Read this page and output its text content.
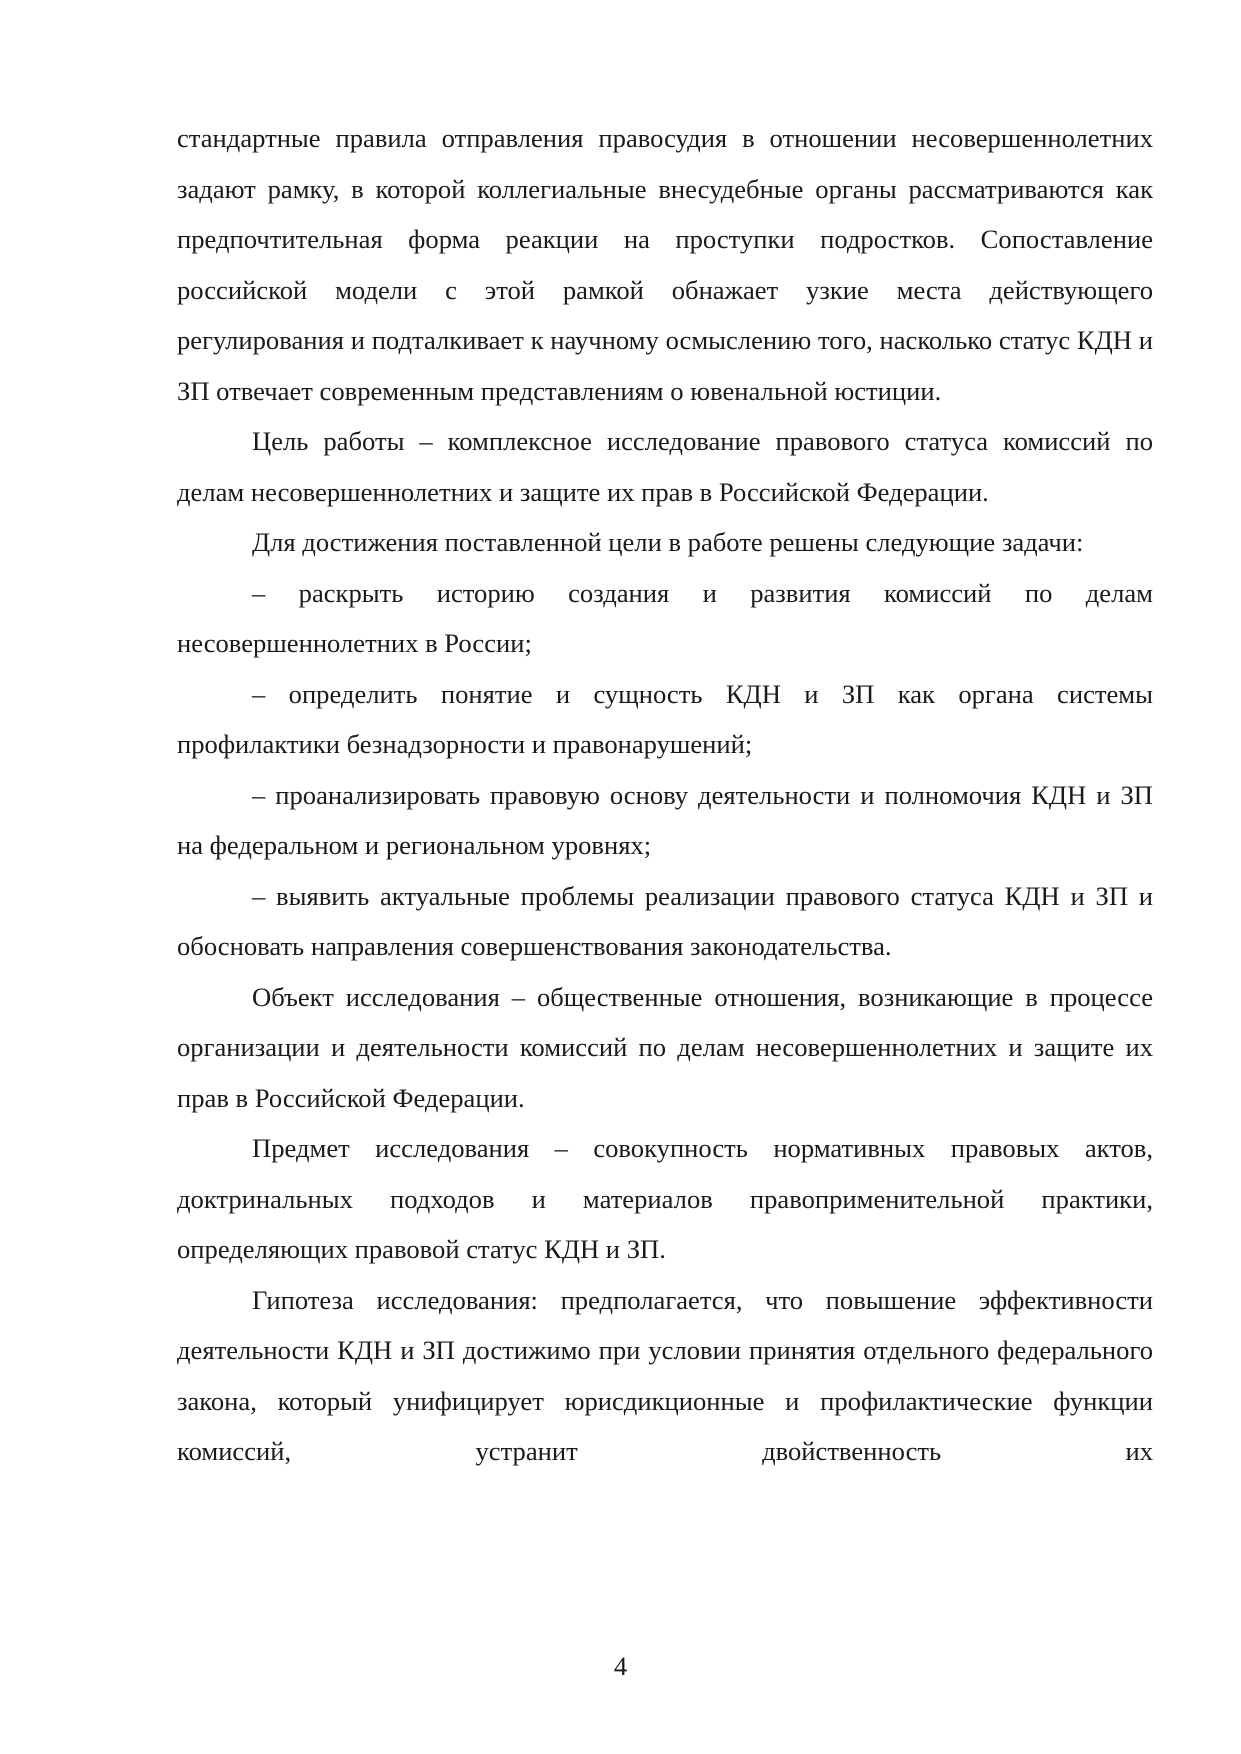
стандартные правила отправления правосудия в отношении несовершеннолетних задают рамку, в которой коллегиальные внесудебные органы рассматриваются как предпочтительная форма реакции на проступки подростков. Сопоставление российской модели с этой рамкой обнажает узкие места действующего регулирования и подталкивает к научному осмыслению того, насколько статус КДН и ЗП отвечает современным представлениям о ювенальной юстиции.

Цель работы – комплексное исследование правового статуса комиссий по делам несовершеннолетних и защите их прав в Российской Федерации.

Для достижения поставленной цели в работе решены следующие задачи:

– раскрыть историю создания и развития комиссий по делам несовершеннолетних в России;

– определить понятие и сущность КДН и ЗП как органа системы профилактики безнадзорности и правонарушений;

– проанализировать правовую основу деятельности и полномочия КДН и ЗП на федеральном и региональном уровнях;

– выявить актуальные проблемы реализации правового статуса КДН и ЗП и обосновать направления совершенствования законодательства.

Объект исследования – общественные отношения, возникающие в процессе организации и деятельности комиссий по делам несовершеннолетних и защите их прав в Российской Федерации.

Предмет исследования – совокупность нормативных правовых актов, доктринальных подходов и материалов правоприменительной практики, определяющих правовой статус КДН и ЗП.

Гипотеза исследования: предполагается, что повышение эффективности деятельности КДН и ЗП достижимо при условии принятия отдельного федерального закона, который унифицирует юрисдикционные и профилактические функции комиссий, устранит двойственность их

4
